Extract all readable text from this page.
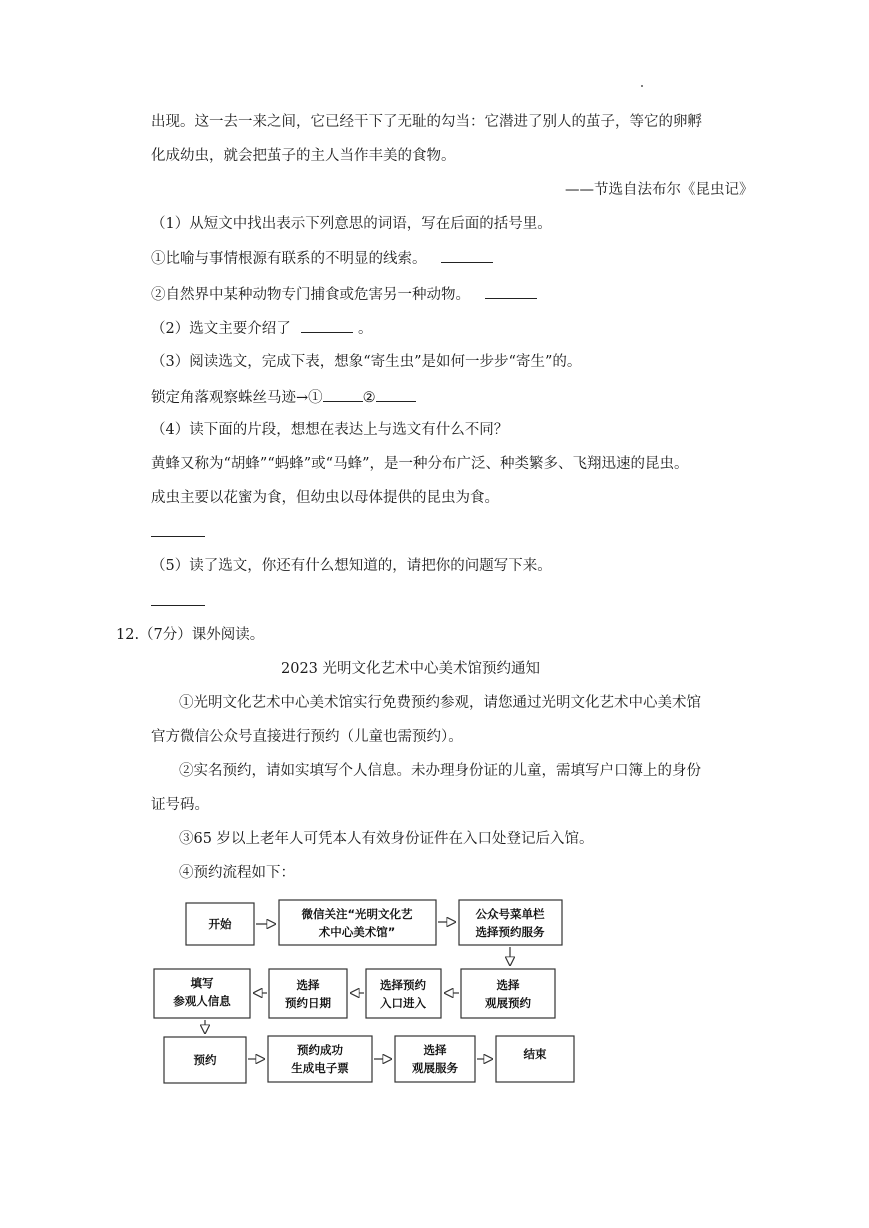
出现。这一去一来之间，它已经干下了无耻的勾当：它潜进了别人的茧子，等它的卵孵
化成幼虫，就会把茧子的主人当作丰美的食物。
——节选自法布尔《昆虫记》
（1）从短文中找出表示下列意思的词语，写在后面的括号里。
①比喻与事情根源有联系的不明显的线索。
②自然界中某种动物专门捕食或危害另一种动物。
（2）选文主要介绍了	。
（3）阅读选文，完成下表，想象“寄生虫”是如何一步步“寄生”的。
锁定角落观察蛛丝马迹→①	②
（4）读下面的片段，想想在表达上与选文有什么不同？
黄蜂又称为“胡蜂”“蚂蜂”或“马蜂”，是一种分布广泛、种类繁多、飞翔迅速的昆虫。
成虫主要以花蜜为食，但幼虫以母体提供的昆虫为食。
（5）读了选文，你还有什么想知道的，请把你的问题写下来。
12.（7分）课外阅读。
2023 光明文化艺术中心美术馆预约通知
①光明文化艺术中心美术馆实行免费预约参观，请您通过光明文化艺术中心美术馆
官方微信公众号直接进行预约（儿童也需预约）。
②实名预约，请如实填写个人信息。未办理身份证的儿童，需填写户口簿上的身份
证号码。
③65 岁以上老年人可凭本人有效身份证件在入口处登记后入馆。
④预约流程如下：
开始
微信关注“光明文化艺
术中心美术馆”
公众号菜单栏
选择预约服务
选择
观展预约
选择预约
入口进入
选择
预约日期
填写
参观人信息
预约
预约成功
生成电子票
选择
观展服务
结束
